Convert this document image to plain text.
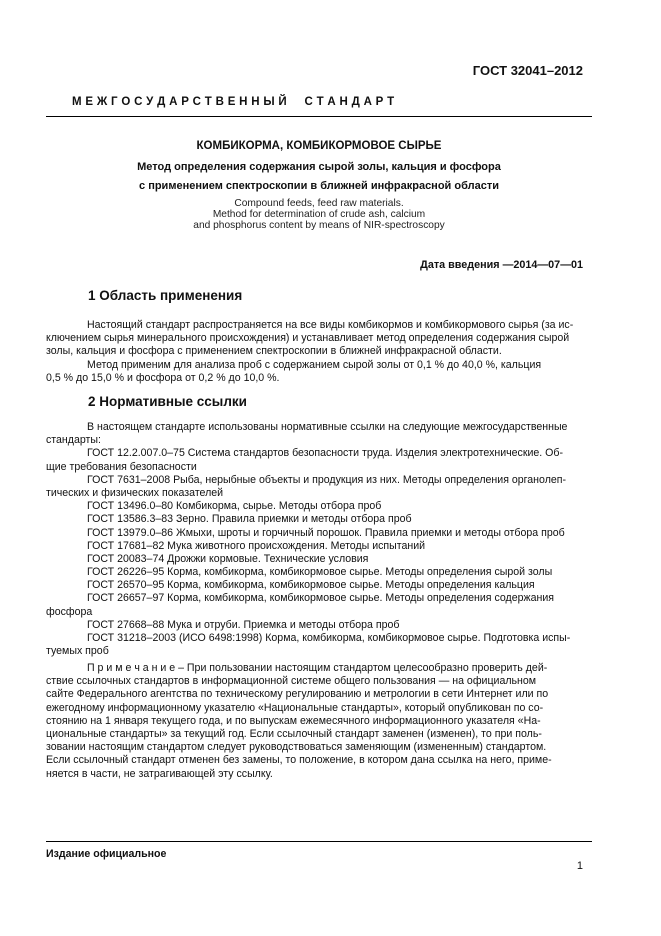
ГОСТ 32041–2012
М Е Ж Г О С У Д А Р С Т В Е Н Н Ы Й     С Т А Н Д А Р Т
КОМБИКОРМА, КОМБИКОРМОВОЕ СЫРЬЕ
Метод определения содержания сырой золы, кальция и фосфора
с применением спектроскопии в ближней инфракрасной области
Compound feeds, feed raw materials.
Method for determination of crude ash, calcium
and phosphorus content by means of NIR-spectroscopy
Дата введения —2014—07—01
1 Область применения
Настоящий стандарт распространяется на все виды комбикормов и комбикормового сырья (за ис-
ключением сырья минерального происхождения) и устанавливает метод определения содержания сырой
золы, кальция и фосфора с применением спектроскопии в ближней инфракрасной области.
Метод применим для анализа проб с содержанием сырой золы от 0,1 % до 40,0 %, кальция
0,5 % до 15,0 % и фосфора от 0,2 % до 10,0 %.
2 Нормативные ссылки
В настоящем стандарте использованы нормативные ссылки на следующие межгосударственные
стандарты:
ГОСТ 12.2.007.0–75 Система стандартов безопасности труда. Изделия электротехнические. Об-
щие требования безопасности
ГОСТ 7631–2008 Рыба, нерыбные объекты и продукция из них. Методы определения органолеп-
тических и физических показателей
ГОСТ 13496.0–80 Комбикорма, сырье. Методы отбора проб
ГОСТ 13586.3–83 Зерно. Правила приемки и методы отбора проб
ГОСТ 13979.0–86 Жмыхи, шроты и горчичный порошок. Правила приемки и методы отбора проб
ГОСТ 17681–82 Мука животного происхождения. Методы испытаний
ГОСТ 20083–74 Дрожжи кормовые. Технические условия
ГОСТ 26226–95 Корма, комбикорма, комбикормовое сырье. Методы определения сырой золы
ГОСТ 26570–95 Корма, комбикорма, комбикормовое сырье. Методы определения кальция
ГОСТ 26657–97 Корма, комбикорма, комбикормовое сырье. Методы определения содержания
фосфора
ГОСТ 27668–88 Мука и отруби. Приемка и методы отбора проб
ГОСТ 31218–2003 (ИСО 6498:1998) Корма, комбикорма, комбикормовое сырье. Подготовка испы-
туемых проб
П р и м е ч а н и е – При пользовании настоящим стандартом целесообразно проверить дей-
ствие ссылочных стандартов в информационной системе общего пользования — на официальном
сайте Федерального агентства по техническому регулированию и метрологии в сети Интернет или по
ежегодному информационному указателю «Национальные стандарты», который опубликован по со-
стоянию на 1 января текущего года, и по выпускам ежемесячного информационного указателя «На-
циональные стандарты» за текущий год. Если ссылочный стандарт заменен (изменен), то при поль-
зовании настоящим стандартом следует руководствоваться заменяющим (измененным) стандартом.
Если ссылочный стандарт отменен без замены, то положение, в котором дана ссылка на него, приме-
няется в части, не затрагивающей эту ссылку.
Издание официальное
1
